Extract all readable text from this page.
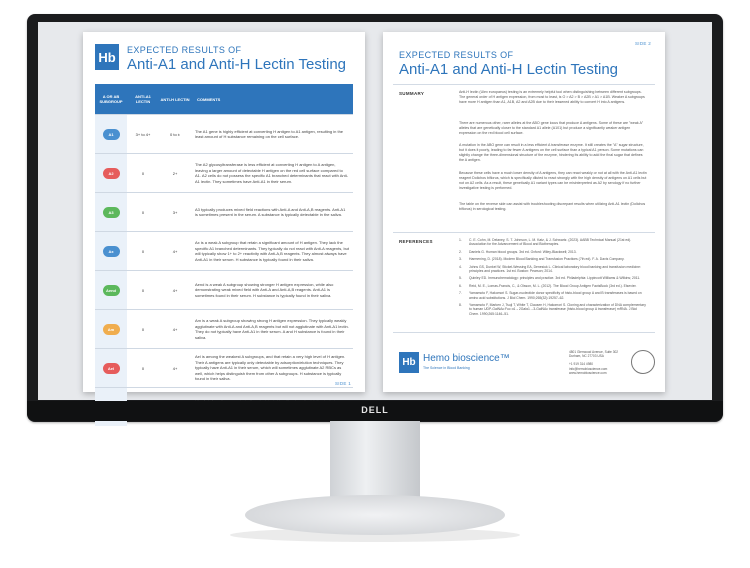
Hb	EXPECTED RESULTS OF
Anti-A1 and Anti-H Lectin Testing
A OR AB SUBGROUP	ANTI-A1 LECTIN	ANTI-H LECTIN	COMMENTS
A1	3+ to 4+	0 to ±	The A1 gene is highly efficient at converting H antigen to A1 antigen, resulting in the least amount of H substance remaining on the cell surface.
A2	0	2+	The A2 glycosyltransferase is less efficient at converting H antigen to A antigen, leaving a larger amount of detectable H antigen on the red cell surface compared to A1. A2 cells do not possess the specific A1 branched determinants that react with Anti-A1 lectin. They sometimes have Anti-A1 in their serum.
A3	0	3+	A3 typically produces mixed field reactions with Anti-A and Anti-A,B reagents. Anti-A1 is sometimes present in the serum. A substance is typically detectable in the saliva.
Ax	0	4+	Ax is a weak A subgroup that retain a significant amount of H antigen. They lack the specific A1 branched determinants. They typically do not react with Anti-A reagents, but will typically show 1+ to 2+ reactivity with Anti-A,B reagents. They almost always have Anti-A1 in their serum. H substance is typically found in their saliva.
Aend	0	4+	Aend is a weak A subgroup showing stronger H antigen expression, while also demonstrating weak mixed field with Anti-A and Anti-A,B reagents. Anti-A1 is sometimes found in their serum. H substance is typically found in their saliva.
Am	0	4+	Am is a weak A subgroup showing strong H antigen expression. They typically weakly agglutinate with Anti-A and Anti-A,B reagents but will not agglutinate with Anti-A1 lectin. They do not typically have Anti-A1 in their serum. A and H substance is found in their saliva.
Ael	0	4+	Ael is among the weakest A subgroups, and that retain a very high level of H antigen. Their A antigens are typically only detectable by adsorption/elution techniques. They typically have Anti-A1 in their serum, which will sometimes agglutinate A2 RBCs as well, which helps distinguish them from other A subgroups. H substance is typically found in their saliva.

SIDE 1
SIDE 2
EXPECTED RESULTS OF
Anti-A1 and Anti-H Lectin Testing
SUMMARY	Anti-H lectin (Ulex europaeus) testing is an extremely helpful tool when distinguishing between different subgroups. The general order of H antigen expression, from most to least, is O > A2 > B > A2B > A1 > A1B. Weaker A subgroups have more H antigen than A1, A1B, A2 and A2B due to their lessened ability to convert H into A antigens.
There are numerous other, rarer alleles at the ABO gene locus that produce A antigens. Some of these are "weak A" alleles that are genetically closer to the standard A1 allele (A101) but produce a significantly weaker antigen expression on the red blood cell surface.
A mutation in the ABO gene can result in a less efficient A transferase enzyme. It still creates the "A" sugar structure, but it does it poorly, leading to far fewer A antigens on the cell surface than a typical A1 person. Some mutations can slightly change the three-dimensional structure of the enzyme, hindering its ability to add the final sugar that defines the A antigen.
Because these cells have a much lower density of A antigens, they can react weakly or not at all with the Anti-A1 lectin reagent Dolichos biflorus, which is specifically diluted to react strongly with the high density of antigens on A1 cells but not on A2 cells. As a result, these genetically A1 variant types can be misinterpreted as A2 by serology if no further investigative testing is performed.
The table on the reverse side can assist with troubleshooting discrepant results when utilizing Anti-A1 lectin (Dolichos biflorus) in serological testing.
REFERENCES	1.	C. E. Cohn, M. Delaney, S. T. Johnson, L. M. Katz, & J. Schwartz. (2023). AABB Technical Manual (21st ed). Association for the Advancement of Blood and Biotherapies.
2.	Daniels G. Human blood groups. 3rd ed. Oxford: Wiley-Blackwell; 2013.
3.	Harmening, D. (2018). Modern Blood Banking and Transfusion Practices (7th ed). F. A. Davis Company.
4.	Johns GS, Dunkel W, Stickel-Wessing EA, Denesiuk L. Clinical laboratory blood banking and transfusion medicine: principles and practices. 1st ed. Boston: Pearson; 2014.
5.	Quinley ED. Immunohematology: principles and practice. 3rd ed. Philadelphia: Lippincott Williams & Wilkins; 2011.
6.	Reid, M. E., Lomas-Francis, C., & Olsson, M. L. (2012). The Blood Group Antigen FactsBook (3rd ed.). Elsevier.
7.	Yamamoto F, Hakomori S. Sugar-nucleotide donor specificity of histo-blood group A and B transferases is based on amino acid substitutions. J Biol Chem. 1990;265(32):19257–62.
8.	Yamamoto F, Marken J, Tsuji T, White T, Clausen H, Hakomori S. Cloning and characterization of DNA complementary to human UDP-GalNAc:Fuc α1→2Galα1→3-GalNAc transferase (histo-blood group A transferase) mRNA. J Biol Chem. 1990;265:1146–51.
Hb Hemo bioscience™
The Science in Blood Banking
4801 Glenwood Avenue, Suite 302
Durham, NC 27703 USA
+1 919 314 4980
info@hemobioscience.com
www.hemobioscience.com
DELL
